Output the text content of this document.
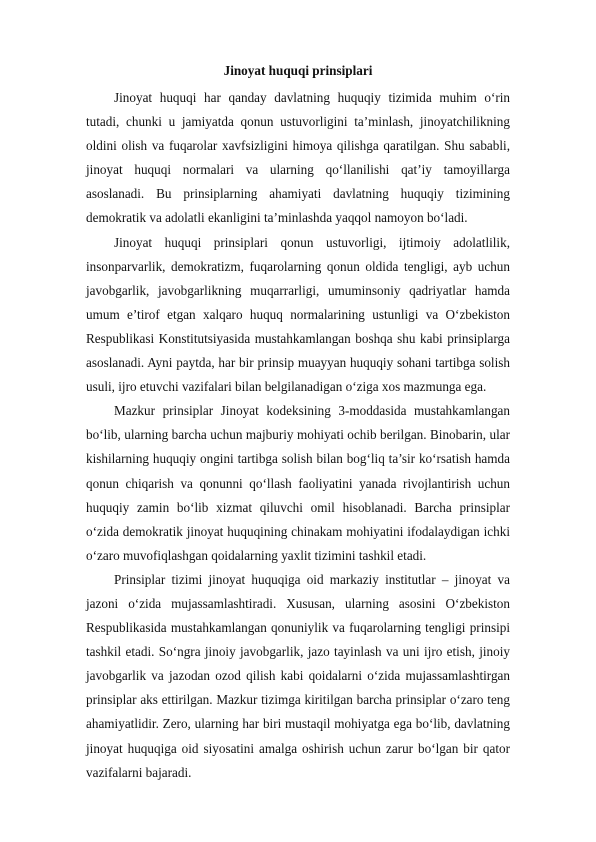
Jinoyat huquqi prinsiplari

Jinoyat huquqi har qanday davlatning huquqiy tizimida muhim o‘rin tutadi, chunki u jamiyatda qonun ustuvorligini ta’minlash, jinoyatchilikning oldini olish va fuqarolar xavfsizligini himoya qilishga qaratilgan. Shu sababli, jinoyat huquqi normalari va ularning qo‘llanilishi qat’iy tamoyillarga asoslanadi. Bu prinsiplarning ahamiyati davlatning huquqiy tizimining demokratik va adolatli ekanligini ta’minlashda yaqqol namoyon bo‘ladi.

Jinoyat huquqi prinsiplari qonun ustuvorligi, ijtimoiy adolatlilik, insonparvarlik, demokratizm, fuqarolarning qonun oldida tengligi, ayb uchun javobgarlik, javobgarlikning muqarrarligi, umuminsoniy qadriyatlar hamda umum e’tirof etgan xalqaro huquq normalarining ustunligi va O‘zbekiston Respublikasi Konstitutsiyasida mustahkamlangan boshqa shu kabi prinsiplarga asoslanadi. Ayni paytda, har bir prinsip muayyan huquqiy sohani tartibga solish usuli, ijro etuvchi vazifalari bilan belgilanadigan o‘ziga xos mazmunga ega.

Mazkur prinsiplar Jinoyat kodeksining 3-moddasida mustahkamlangan bo‘lib, ularning barcha uchun majburiy mohiyati ochib berilgan. Binobarin, ular kishilarning huquqiy ongini tartibga solish bilan bog‘liq ta’sir ko‘rsatish hamda qonun chiqarish va qonunni qo‘llash faoliyatini yanada rivojlantirish uchun huquqiy zamin bo‘lib xizmat qiluvchi omil hisoblanadi. Barcha prinsiplar o‘zida demokratik jinoyat huquqining chinakam mohiyatini ifodalaydigan ichki o‘zaro muvofiqlashgan qoidalarning yaxlit tizimini tashkil etadi.

Prinsiplar tizimi jinoyat huquqiga oid markaziy institutlar – jinoyat va jazoni o‘zida mujassamlashtiradi. Xususan, ularning asosini O‘zbekiston Respublikasida mustahkamlangan qonuniylik va fuqarolarning tengligi prinsipi tashkil etadi. So‘ngra jinoiy javobgarlik, jazo tayinlash va uni ijro etish, jinoiy javobgarlik va jazodan ozod qilish kabi qoidalarni o‘zida mujassamlashtirgan prinsiplar aks ettirilgan. Mazkur tizimga kiritilgan barcha prinsiplar o‘zaro teng ahamiyatlidir. Zero, ularning har biri mustaqil mohiyatga ega bo‘lib, davlatning jinoyat huquqiga oid siyosatini amalga oshirish uchun zarur bo‘lgan bir qator vazifalarni bajaradi.
